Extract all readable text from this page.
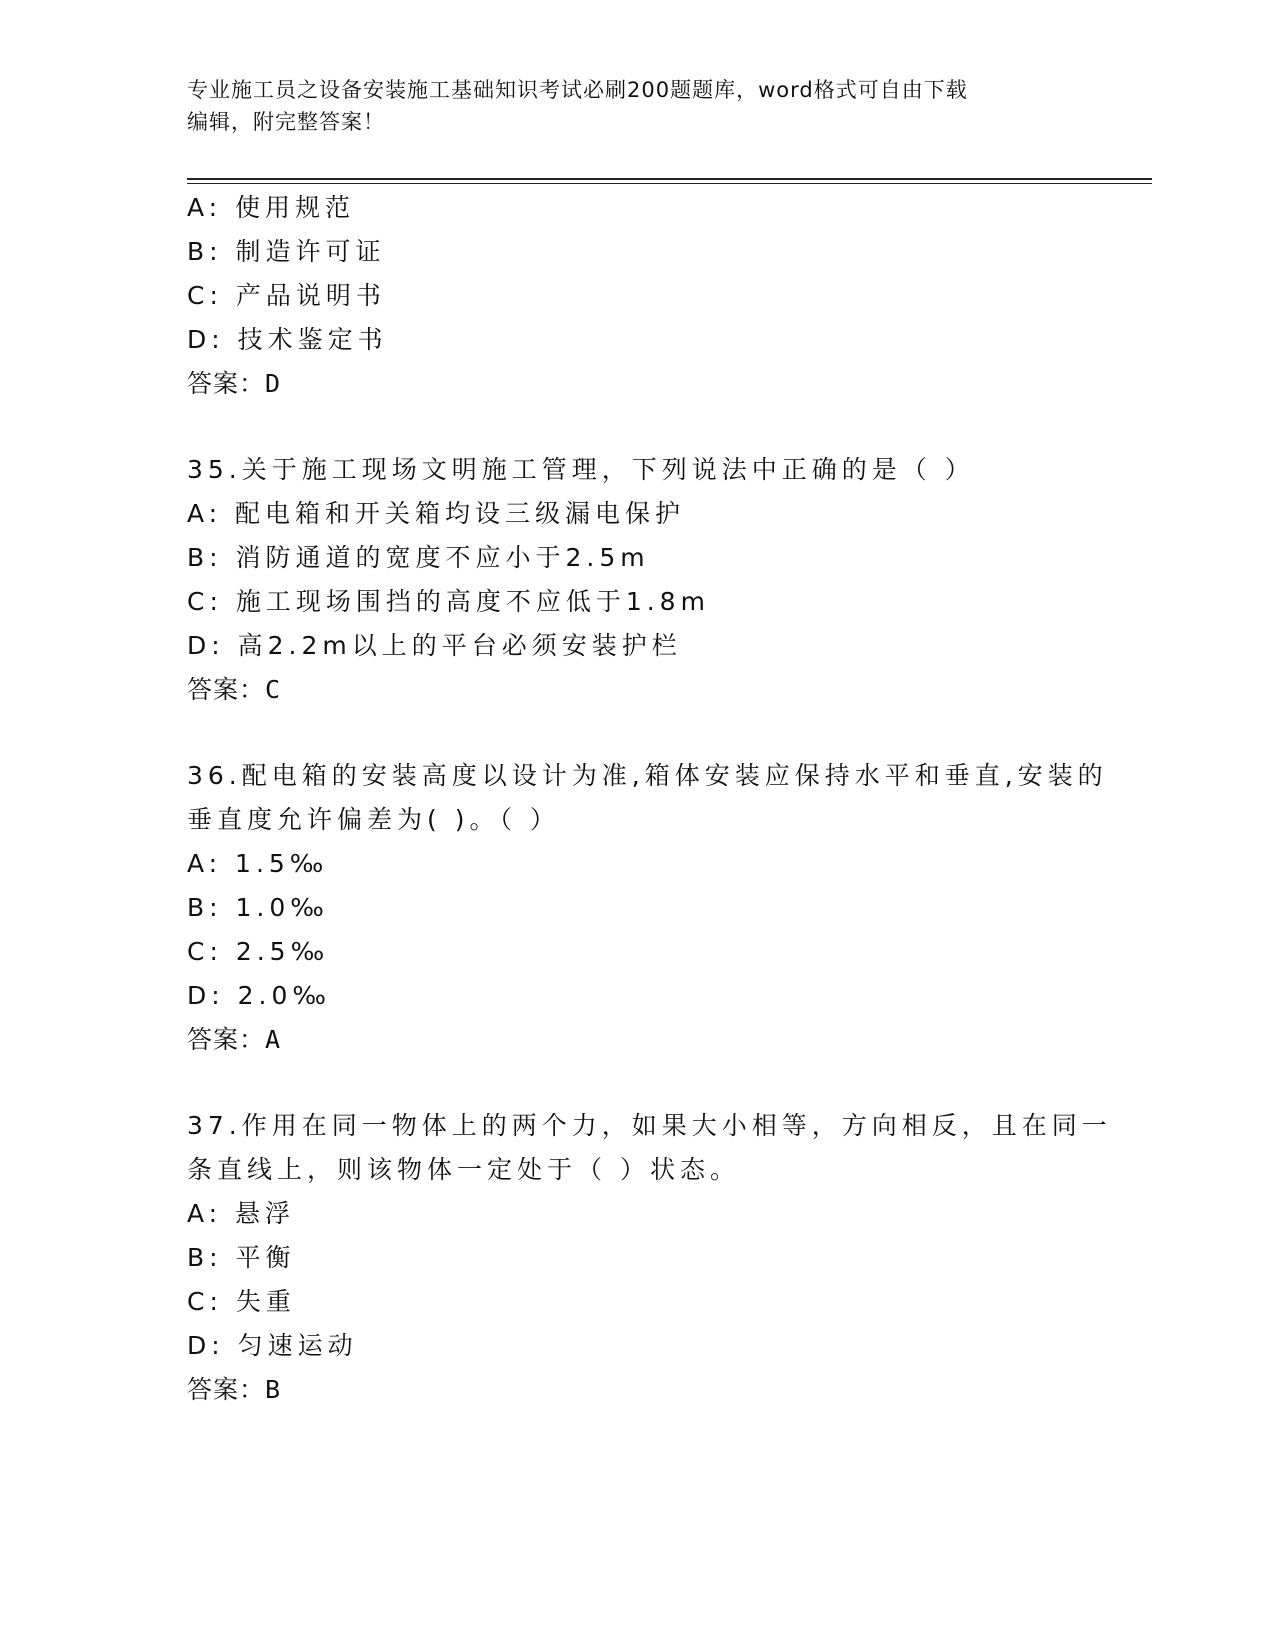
专业施工员之设备安装施工基础知识考试必刷200题题库，word格式可自由下载
编辑，附完整答案！
A: 使用规范
B: 制造许可证
C: 产品说明书
D: 技术鉴定书
答案：D
35.关于施工现场文明施工管理，下列说法中正确的是（ ）
A: 配电箱和开关箱均设三级漏电保护
B: 消防通道的宽度不应小于2.5m
C: 施工现场围挡的高度不应低于1.8m
D: 高2.2m以上的平台必须安装护栏
答案：C
36.配电箱的安装高度以设计为准,箱体安装应保持水平和垂直,安装的
垂直度允许偏差为( )。（ ）
A: 1.5‰
B: 1.0‰
C: 2.5‰
D: 2.0‰
答案：A
37.作用在同一物体上的两个力，如果大小相等，方向相反，且在同一
条直线上，则该物体一定处于（ ）状态。
A: 悬浮
B: 平衡
C: 失重
D: 匀速运动
答案：B
